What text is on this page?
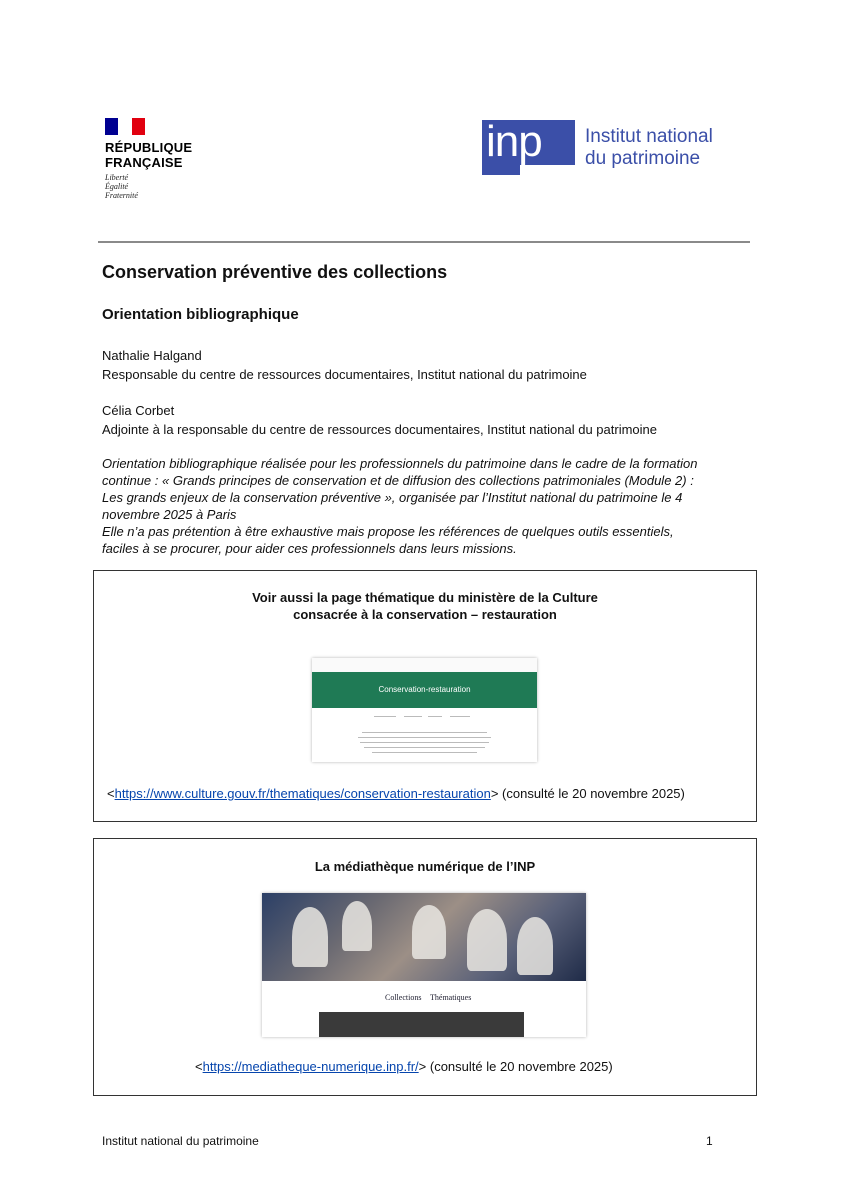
RÉPUBLIQUE
FRANÇAISE
Liberté
Égalité
Fraternité
inp Institut national
du patrimoine
Conservation préventive des collections
Orientation bibliographique
Nathalie Halgand
Responsable du centre de ressources documentaires, Institut national du patrimoine
Célia Corbet
Adjointe à la responsable du centre de ressources documentaires, Institut national du patrimoine
Orientation bibliographique réalisée pour les professionnels du patrimoine dans le cadre de la formation
continue : « Grands principes de conservation et de diffusion des collections patrimoniales (Module 2) :
Les grands enjeux de la conservation préventive », organisée par l’Institut national du patrimoine le 4
novembre 2025 à Paris
Elle n’a pas prétention à être exhaustive mais propose les références de quelques outils essentiels,
faciles à se procurer, pour aider ces professionnels dans leurs missions.
Voir aussi la page thématique du ministère de la Culture
consacrée à la conservation – restauration
Conservation-restauration
<https://www.culture.gouv.fr/thematiques/conservation-restauration> (consulté le 20 novembre 2025)
La médiathèque numérique de l’INP
Collections Thématiques
<https://mediatheque-numerique.inp.fr/> (consulté le 20 novembre 2025)
Institut national du patrimoine	1
